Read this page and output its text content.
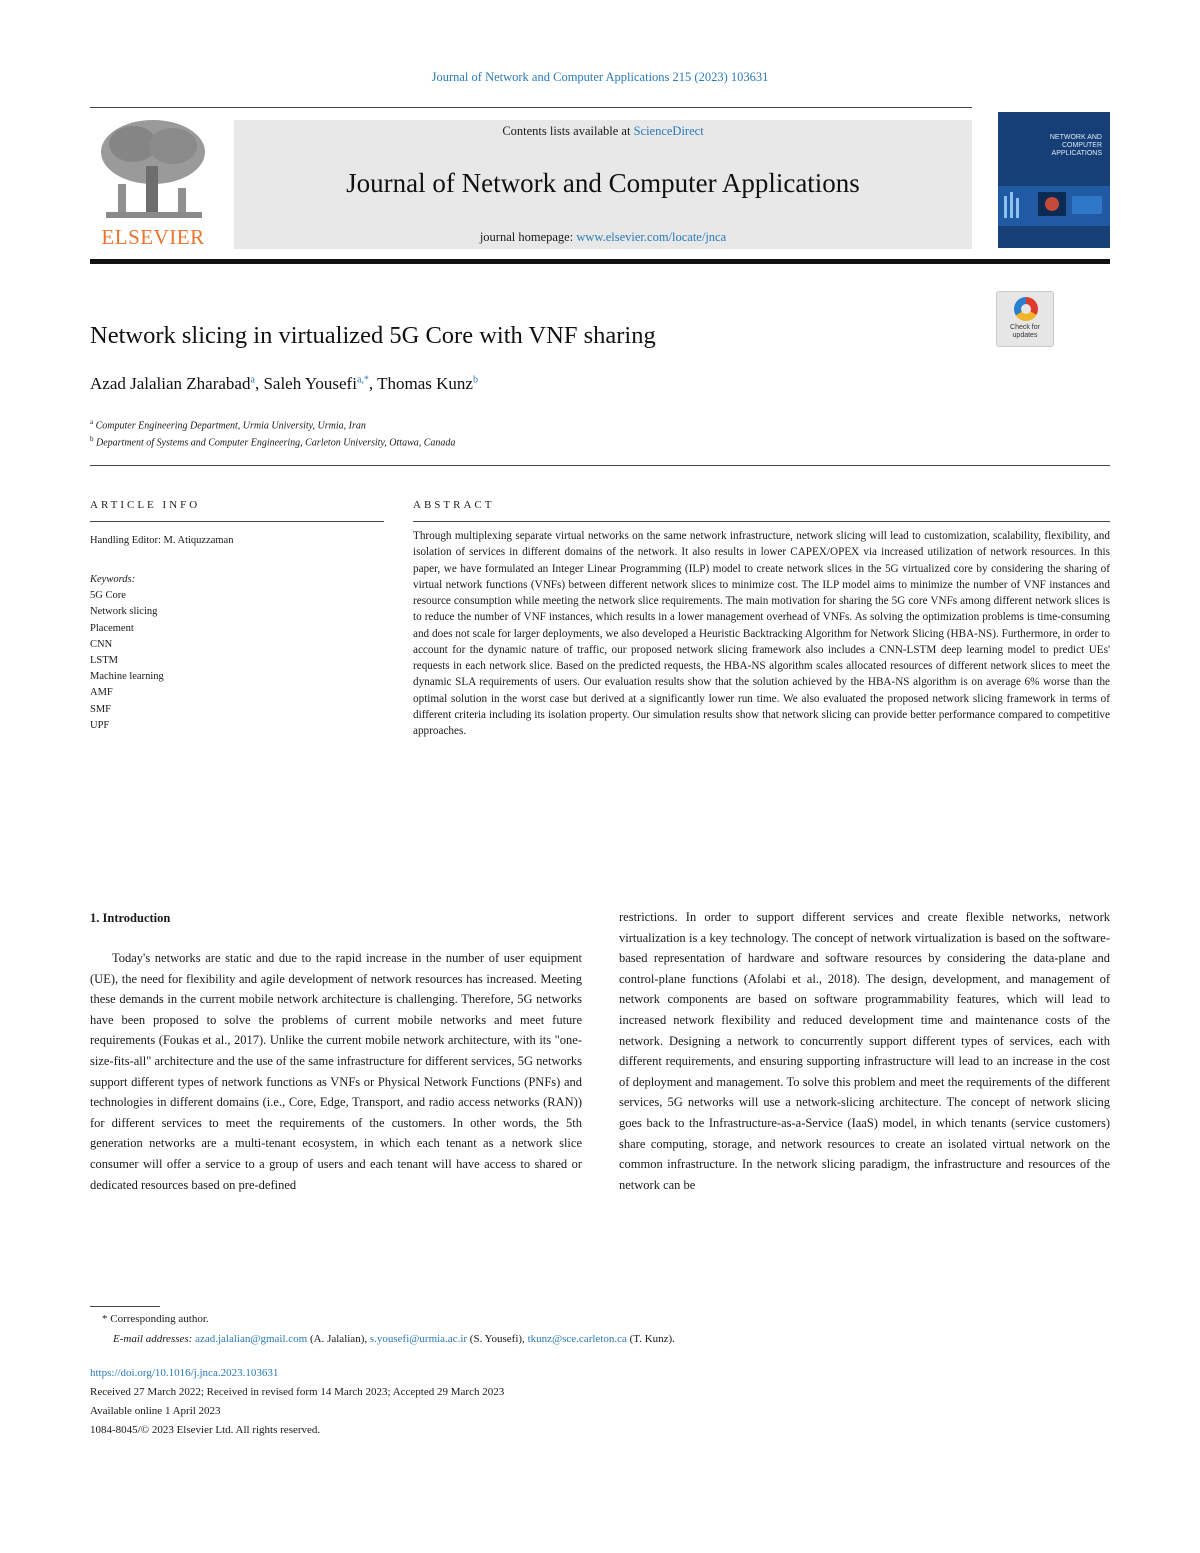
Journal of Network and Computer Applications 215 (2023) 103631
ELSEVIER
Contents lists available at ScienceDirect
Journal of Network and Computer Applications
journal homepage: www.elsevier.com/locate/jnca
NETWORK AND COMPUTER APPLICATIONS
Network slicing in virtualized 5G Core with VNF sharing	Check for updates
Azad Jalalian Zharabad$^a$, Saleh Yousefi$^{a,*}$, Thomas Kunz$^b$
$^a$ Computer Engineering Department, Urmia University, Urmia, Iran
$^b$ Department of Systems and Computer Engineering, Carleton University, Ottawa, Canada
ARTICLE INFO
Handling Editor: M. Atiquzzaman
Keywords:
5G Core
Network slicing
Placement
CNN
LSTM
Machine learning
AMF
SMF
UPF
ABSTRACT
Through multiplexing separate virtual networks on the same network infrastructure, network slicing will lead to customization, scalability, flexibility, and isolation of services in different domains of the network. It also results in lower CAPEX/OPEX via increased utilization of network resources. In this paper, we have formulated an Integer Linear Programming (ILP) model to create network slices in the 5G virtualized core by considering the sharing of virtual network functions (VNFs) between different network slices to minimize cost. The ILP model aims to minimize the number of VNF instances and resource consumption while meeting the network slice requirements. The main motivation for sharing the 5G core VNFs among different network slices is to reduce the number of VNF instances, which results in a lower management overhead of VNFs. As solving the optimization problems is time-consuming and does not scale for larger deployments, we also developed a Heuristic Backtracking Algorithm for Network Slicing (HBA-NS). Furthermore, in order to account for the dynamic nature of traffic, our proposed network slicing framework also includes a CNN-LSTM deep learning model to predict UEs' requests in each network slice. Based on the predicted requests, the HBA-NS algorithm scales allocated resources of different network slices to meet the dynamic SLA requirements of users. Our evaluation results show that the solution achieved by the HBA-NS algorithm is on average 6% worse than the optimal solution in the worst case but derived at a significantly lower run time. We also evaluated the proposed network slicing framework in terms of different criteria including its isolation property. Our simulation results show that network slicing can provide better performance compared to competitive approaches.
1. Introduction
Today's networks are static and due to the rapid increase in the number of user equipment (UE), the need for flexibility and agile development of network resources has increased. Meeting these demands in the current mobile network architecture is challenging. Therefore, 5G networks have been proposed to solve the problems of current mobile networks and meet future requirements (Foukas et al., 2017). Unlike the current mobile network architecture, with its "one-size-fits-all" architecture and the use of the same infrastructure for different services, 5G networks support different types of network functions as VNFs or Physical Network Functions (PNFs) and technologies in different domains (i.e., Core, Edge, Transport, and radio access networks (RAN)) for different services to meet the requirements of the customers. In other words, the 5th generation networks are a multi-tenant ecosystem, in which each tenant as a network slice consumer will offer a service to a group of users and each tenant will have access to shared or dedicated resources based on pre-defined
restrictions. In order to support different services and create flexible networks, network virtualization is a key technology. The concept of network virtualization is based on the software-based representation of hardware and software resources by considering the data-plane and control-plane functions (Afolabi et al., 2018). The design, development, and management of network components are based on software programmability features, which will lead to increased network flexibility and reduced development time and maintenance costs of the network. Designing a network to concurrently support different types of services, each with different requirements, and ensuring supporting infrastructure will lead to an increase in the cost of deployment and management. To solve this problem and meet the requirements of the different services, 5G networks will use a network-slicing architecture. The concept of network slicing goes back to the Infrastructure-as-a-Service (IaaS) model, in which tenants (service customers) share computing, storage, and network resources to create an isolated virtual network on the common infrastructure. In the network slicing paradigm, the infrastructure and resources of the network can be
* Corresponding author.
E-mail addresses: azad.jalalian@gmail.com (A. Jalalian), s.yousefi@urmia.ac.ir (S. Yousefi), tkunz@sce.carleton.ca (T. Kunz).
https://doi.org/10.1016/j.jnca.2023.103631
Received 27 March 2022; Received in revised form 14 March 2023; Accepted 29 March 2023
Available online 1 April 2023
1084-8045/© 2023 Elsevier Ltd. All rights reserved.
